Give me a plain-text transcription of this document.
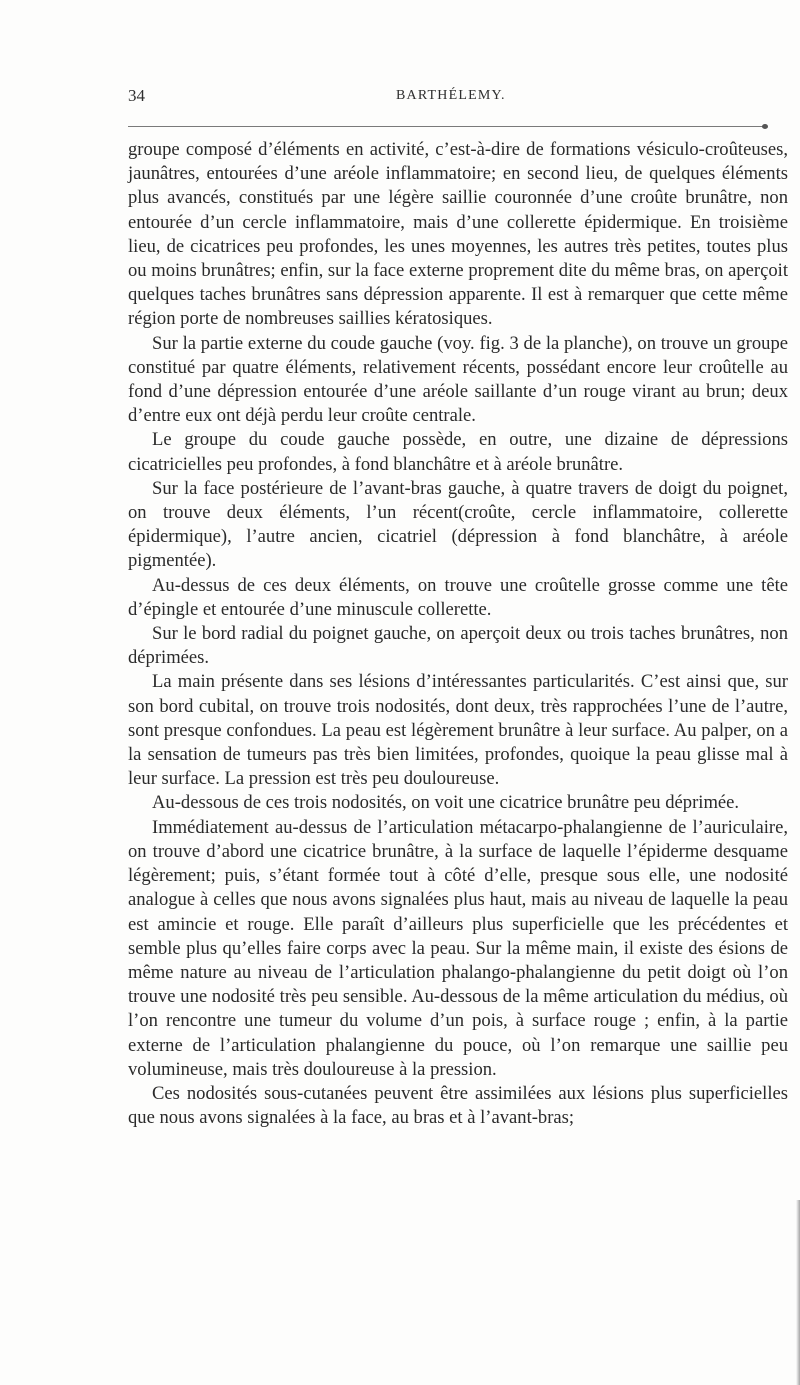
34	BARTHÉLEMY.

groupe composé d’éléments en activité, c’est-à-dire de formations vésiculo-croûteuses, jaunâtres, entourées d’une aréole inflammatoire; en second lieu, de quelques éléments plus avancés, constitués par une légère saillie couronnée d’une croûte brunâtre, non entourée d’un cercle inflammatoire, mais d’une collerette épidermique. En troisième lieu, de cicatrices peu profondes, les unes moyennes, les autres très petites, toutes plus ou moins brunâtres; enfin, sur la face externe proprement dite du même bras, on aperçoit quelques taches brunâtres sans dépression apparente. Il est à remarquer que cette même région porte de nombreuses saillies kératosiques.

Sur la partie externe du coude gauche (voy. fig. 3 de la planche), on trouve un groupe constitué par quatre éléments, relativement récents, possédant encore leur croûtelle au fond d’une dépression entourée d’une aréole saillante d’un rouge virant au brun; deux d’entre eux ont déjà perdu leur croûte centrale.

Le groupe du coude gauche possède, en outre, une dizaine de dépressions cicatricielles peu profondes, à fond blanchâtre et à aréole brunâtre.

Sur la face postérieure de l’avant-bras gauche, à quatre travers de doigt du poignet, on trouve deux éléments, l’un récent(croûte, cercle inflammatoire, collerette épidermique), l’autre ancien, cicatriel (dépression à fond blanchâtre, à aréole pigmentée).

Au-dessus de ces deux éléments, on trouve une croûtelle grosse comme une tête d’épingle et entourée d’une minuscule collerette.

Sur le bord radial du poignet gauche, on aperçoit deux ou trois taches brunâtres, non déprimées.

La main présente dans ses lésions d’intéressantes particularités. C’est ainsi que, sur son bord cubital, on trouve trois nodosités, dont deux, très rapprochées l’une de l’autre, sont presque confondues. La peau est légèrement brunâtre à leur surface. Au palper, on a la sensation de tumeurs pas très bien limitées, profondes, quoique la peau glisse mal à leur surface. La pression est très peu douloureuse.

Au-dessous de ces trois nodosités, on voit une cicatrice brunâtre peu déprimée.

Immédiatement au-dessus de l’articulation métacarpo-phalangienne de l’auriculaire, on trouve d’abord une cicatrice brunâtre, à la surface de laquelle l’épiderme desquame légèrement; puis, s’étant formée tout à côté d’elle, presque sous elle, une nodosité analogue à celles que nous avons signalées plus haut, mais au niveau de laquelle la peau est amincie et rouge. Elle paraît d’ailleurs plus superficielle que les précédentes et semble plus qu’elles faire corps avec la peau. Sur la même main, il existe des ésions de même nature au niveau de l’articulation phalango-phalangienne du petit doigt où l’on trouve une nodosité très peu sensible. Au-dessous de la même articulation du médius, où l’on rencontre une tumeur du volume d’un pois, à surface rouge ; enfin, à la partie externe de l’articulation phalangienne du pouce, où l’on remarque une saillie peu volumineuse, mais très douloureuse à la pression.

Ces nodosités sous-cutanées peuvent être assimilées aux lésions plus superficielles que nous avons signalées à la face, au bras et à l’avant-bras;
